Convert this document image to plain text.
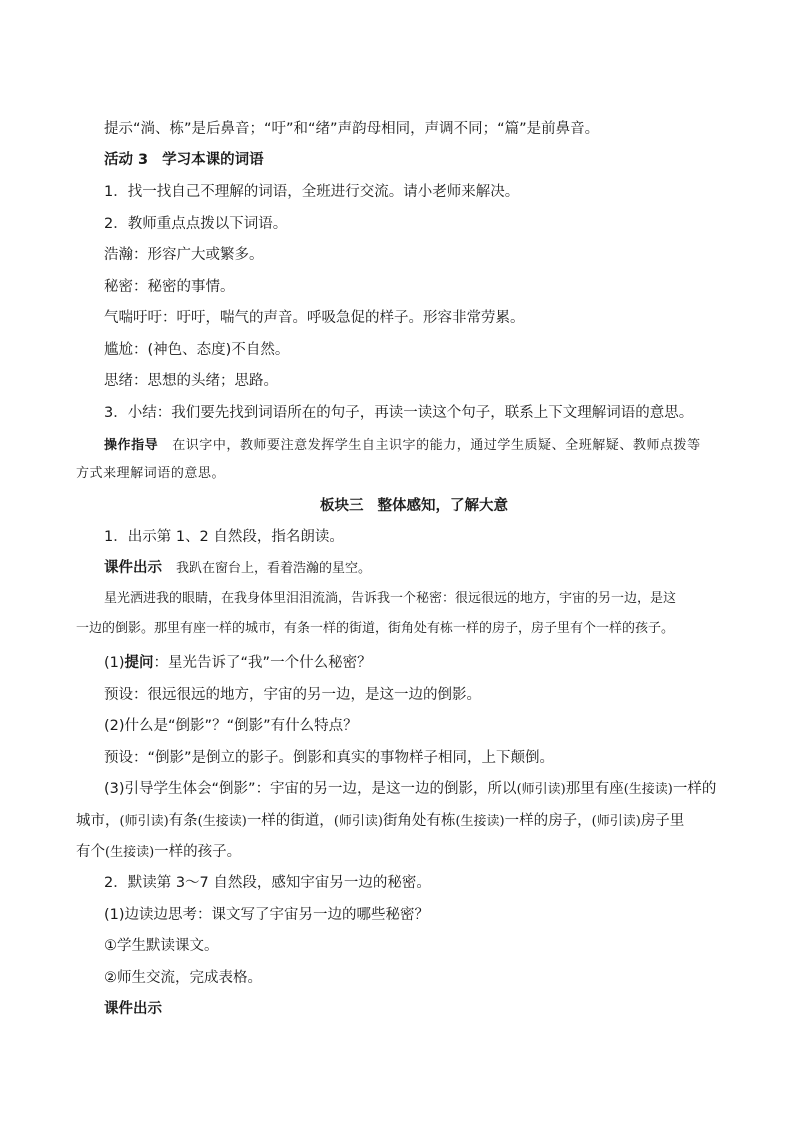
提示“淌、栋”是后鼻音；“吁”和“绪”声韵母相同，声调不同；“篇”是前鼻音。
活动 3 学习本课的词语
1．找一找自己不理解的词语，全班进行交流。请小老师来解决。
2．教师重点点拨以下词语。
浩瀚：形容广大或繁多。
秘密：秘密的事情。
气喘吁吁：吁吁，喘气的声音。呼吸急促的样子。形容非常劳累。
尴尬：(神色、态度)不自然。
思绪：思想的头绪；思路。
3．小结：我们要先找到词语所在的句子，再读一读这个句子，联系上下文理解词语的意思。
操作指导 在识字中，教师要注意发挥学生自主识字的能力，通过学生质疑、全班解疑、教师点拨等
方式来理解词语的意思。
板块三 整体感知，了解大意
1．出示第 1、2 自然段，指名朗读。
课件出示 我趴在窗台上，看着浩瀚的星空。
星光洒进我的眼睛，在我身体里泪泪流淌，告诉我一个秘密：很远很远的地方，宇宙的另一边，是这
一边的倒影。那里有座一样的城市，有条一样的街道，街角处有栋一样的房子，房子里有个一样的孩子。
(1)提问：星光告诉了“我”一个什么秘密？
预设：很远很远的地方，宇宙的另一边，是这一边的倒影。
(2)什么是“倒影”？“倒影”有什么特点？
预设：“倒影”是倒立的影子。倒影和真实的事物样子相同，上下颠倒。
(3)引导学生体会“倒影”：宇宙的另一边，是这一边的倒影，所以(师引读)那里有座(生接读)一样的
城市，(师引读)有条(生接读)一样的街道，(师引读)街角处有栋(生接读)一样的房子，(师引读)房子里
有个(生接读)一样的孩子。
2．默读第 3～7 自然段，感知宇宙另一边的秘密。
(1)边读边思考：课文写了宇宙另一边的哪些秘密？
①学生默读课文。
②师生交流，完成表格。
课件出示
